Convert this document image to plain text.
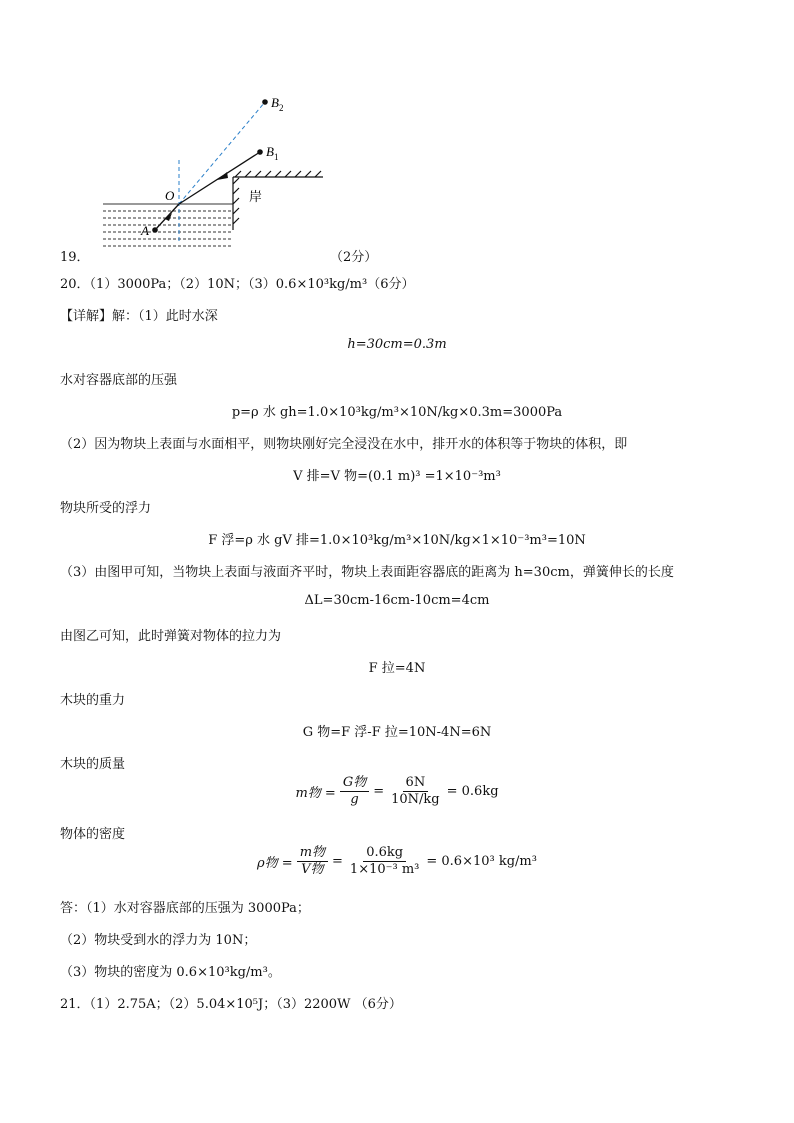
$B_2$
$B_1$
O
A
岸
19．	（2分）
20．（1）3000Pa；（2）10N；（3）0.6×10³kg/m³（6分）
【详解】解：（1）此时水深
h=30cm=0.3m
水对容器底部的压强
p=ρ 水 gh=1.0×10³kg/m³×10N/kg×0.3m=3000Pa
（2）因为物块上表面与水面相平，则物块刚好完全浸没在水中，排开水的体积等于物块的体积，即
V 排=V 物=(0.1 m)³ =1×10⁻³m³
物块所受的浮力
F 浮=ρ 水 gV 排=1.0×10³kg/m³×10N/kg×1×10⁻³m³=10N
（3）由图甲可知，当物块上表面与液面齐平时，物块上表面距容器底的距离为 h=30cm，弹簧伸长的长度
ΔL=30cm-16cm-10cm=4cm
由图乙可知，此时弹簧对物体的拉力为
F 拉=4N
木块的重力
G 物=F 浮-F 拉=10N-4N=6N
木块的质量
m物 = $\frac{\text{G物}}{g} = \frac{6N}{10N/kg} = 0.6kg$
物体的密度
ρ物 = $\frac{\text{m物}}{\text{V物}} = \frac{0.6kg}{\text{1×10⁻³ m³}} = 0.6\times 10^3$ kg/m³
答：（1）水对容器底部的压强为 3000Pa；
（2）物块受到水的浮力为 10N；
（3）物块的密度为 0.6×10³kg/m³。
21．（1）2.75A；（2）5.04×10⁵J；（3）2200W （6分）
